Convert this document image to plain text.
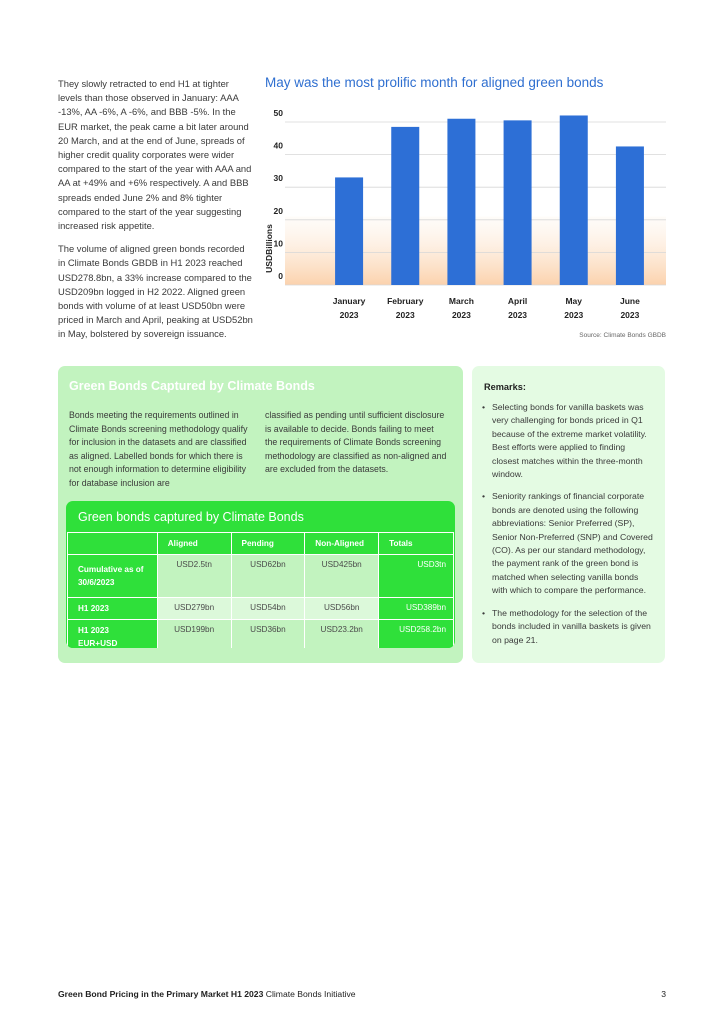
They slowly retracted to end H1 at tighter levels than those observed in January: AAA -13%, AA -6%, A -6%, and BBB -5%. In the EUR market, the peak came a bit later around 20 March, and at the end of June, spreads of higher credit quality corporates were wider compared to the start of the year with AAA and AA at +49% and +6% respectively. A and BBB spreads ended June 2% and 8% tighter compared to the start of the year suggesting increased risk appetite.

The volume of aligned green bonds recorded in Climate Bonds GBDB in H1 2023 reached USD278.8bn, a 33% increase compared to the USD209bn logged in H2 2022. Aligned green bonds with volume of at least USD50bn were priced in March and April, peaking at USD52bn in May, bolstered by sovereign issuance.

May was the most prolific month for aligned green bonds
0
10
20
30
40
50
USDBillions
January
2023
February
2023
March
2023
April
2023
May
2023
June
2023
Source: Climate Bonds GBDB
Green Bonds Captured by Climate Bonds
Bonds meeting the requirements outlined in Climate Bonds screening methodology qualify for inclusion in the datasets and are classified as aligned. Labelled bonds for which there is not enough information to determine eligibility for database inclusion are
classified as pending until sufficient disclosure is available to decide. Bonds failing to meet the requirements of Climate Bonds screening methodology are classified as non-aligned and are excluded from the datasets.
Green bonds captured by Climate Bonds
	Aligned	Pending	Non-Aligned	Totals
Cumulative as of 30/6/2023	USD2.5tn	USD62bn	USD425bn	USD3tn
H1 2023	USD279bn	USD54bn	USD56bn	USD389bn
H1 2023 EUR+USD	USD199bn	USD36bn	USD23.2bn	USD258.2bn
Remarks:
• Selecting bonds for vanilla baskets was very challenging for bonds priced in Q1 because of the extreme market volatility. Best efforts were applied to finding closest matches within the three-month window.
• Seniority rankings of financial corporate bonds are denoted using the following abbreviations: Senior Preferred (SP), Senior Non-Preferred (SNP) and Covered (CO). As per our standard methodology, the payment rank of the green bond is matched when selecting vanilla bonds with which to compare the performance.
• The methodology for the selection of the bonds included in vanilla baskets is given on page 21.
Green Bond Pricing in the Primary Market H1 2023 Climate Bonds Initiative	3
